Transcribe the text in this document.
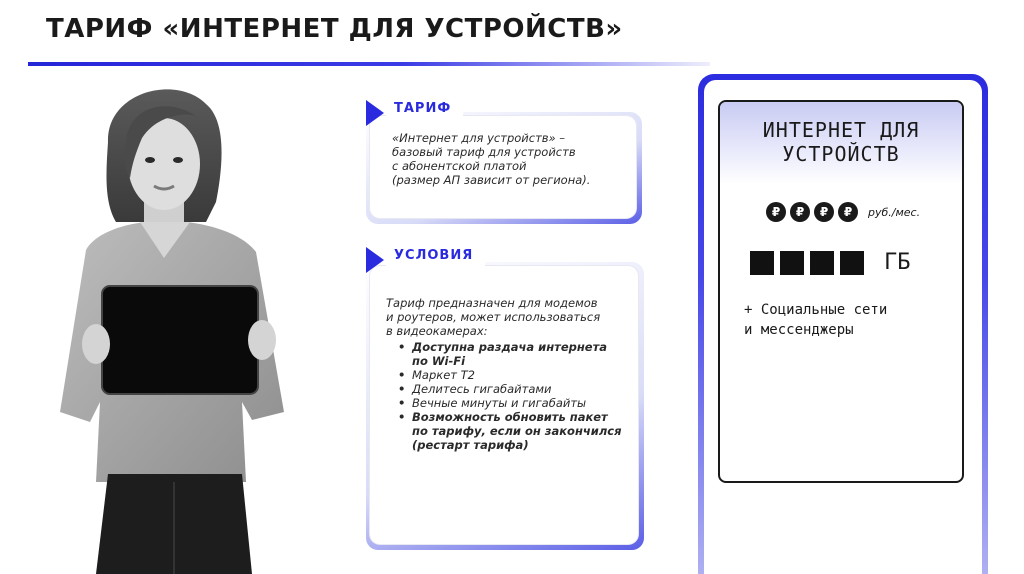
ТАРИФ «ИНТЕРНЕТ ДЛЯ УСТРОЙСТВ»
ТАРИФ
«Интернет для устройств» –
базовый тариф для устройств
с абонентской платой
(размер АП зависит от региона).
УСЛОВИЯ
Тариф предназначен для модемов
и роутеров, может использоваться
в видеокамерах:
• Доступна раздача интернета
по Wi-Fi
• Маркет Т2
• Делитесь гигабайтами
• Вечные минуты и гигабайты
• Возможность обновить пакет
по тарифу, если он закончился
(рестарт тарифа)
ИНТЕРНЕТ ДЛЯ
УСТРОЙСТВ
₽	₽	₽	₽	руб./мес.
ГБ
+ Социальные сети
и мессенджеры
